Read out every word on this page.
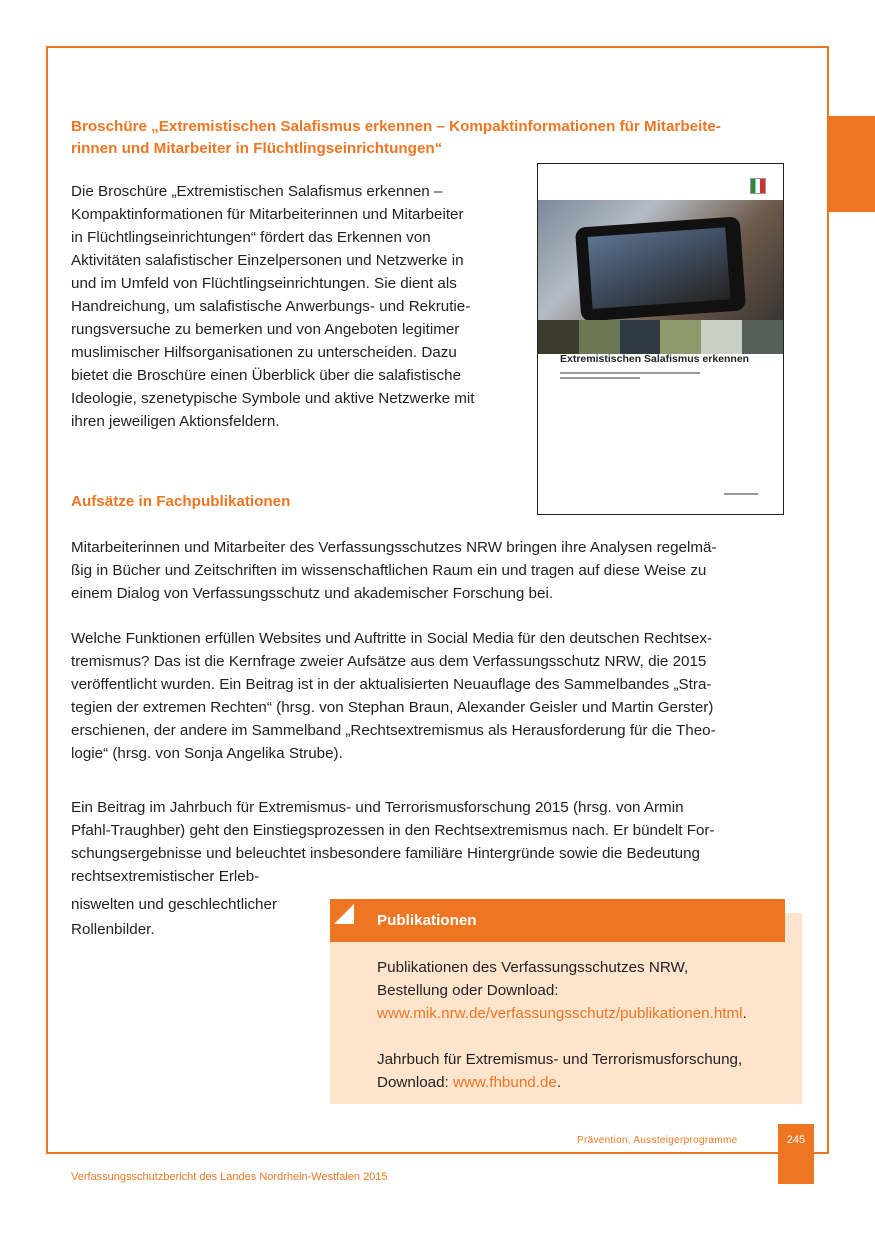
Broschüre „Extremistischen Salafismus erkennen – Kompaktinformationen für Mitarbeite-

rinnen und Mitarbeiter in Flüchtlingseinrichtungen“

Die Broschüre „Extremistischen Salafismus erkennen –

Kompaktinformationen für Mitarbeiterinnen und Mitarbeiter

in Flüchtlingseinrichtungen“ fördert das Erkennen von

Aktivitäten salafistischer Einzelpersonen und Netzwerke in

und im Umfeld von Flüchtlingseinrichtungen. Sie dient als

Handreichung, um salafistische Anwerbungs- und Rekrutie-

rungsversuche zu bemerken und von Angeboten legitimer

muslimischer Hilfsorganisationen zu unterscheiden. Dazu

bietet die Broschüre einen Überblick über die salafistische

Ideologie, szenetypische Symbole und aktive Netzwerke mit

ihren jeweiligen Aktionsfeldern.

Extremistischen Salafismus erkennen

Aufsätze in Fachpublikationen

Mitarbeiterinnen und Mitarbeiter des Verfassungsschutzes NRW bringen ihre Analysen regelmä-

ßig in Bücher und Zeitschriften im wissenschaftlichen Raum ein und tragen auf diese Weise zu

einem Dialog von Verfassungsschutz und akademischer Forschung bei.

Welche Funktionen erfüllen Websites und Auftritte in Social Media für den deutschen Rechtsex-

tremismus? Das ist die Kernfrage zweier Aufsätze aus dem Verfassungsschutz NRW, die 2015

veröffentlicht wurden. Ein Beitrag ist in der aktualisierten Neuauflage des Sammelbandes „Stra-

tegien der extremen Rechten“ (hrsg. von Stephan Braun, Alexander Geisler und Martin Gerster)

erschienen, der andere im Sammelband „Rechtsextremismus als Herausforderung für die Theo-

logie“ (hrsg. von Sonja Angelika Strube).

Ein Beitrag im Jahrbuch für Extremismus- und Terrorismusforschung 2015 (hrsg. von Armin

Pfahl-Traughber) geht den Einstiegsprozessen in den Rechtsextremismus nach. Er bündelt For-

schungsergebnisse und beleuchtet insbesondere familiäre Hintergründe sowie die Bedeutung

rechtsextremistischer Erleb-

niswelten und geschlechtlicher

Rollenbilder.

Publikationen

Publikationen des Verfassungsschutzes NRW,

Bestellung oder Download:

www.mik.nrw.de/verfassungsschutz/publikationen.html.

Jahrbuch für Extremismus- und Terrorismusforschung,

Download: www.fhbund.de.

Prävention, Aussteigerprogramme	245

Verfassungsschutzbericht des Landes Nordrhein-Westfalen 2015
